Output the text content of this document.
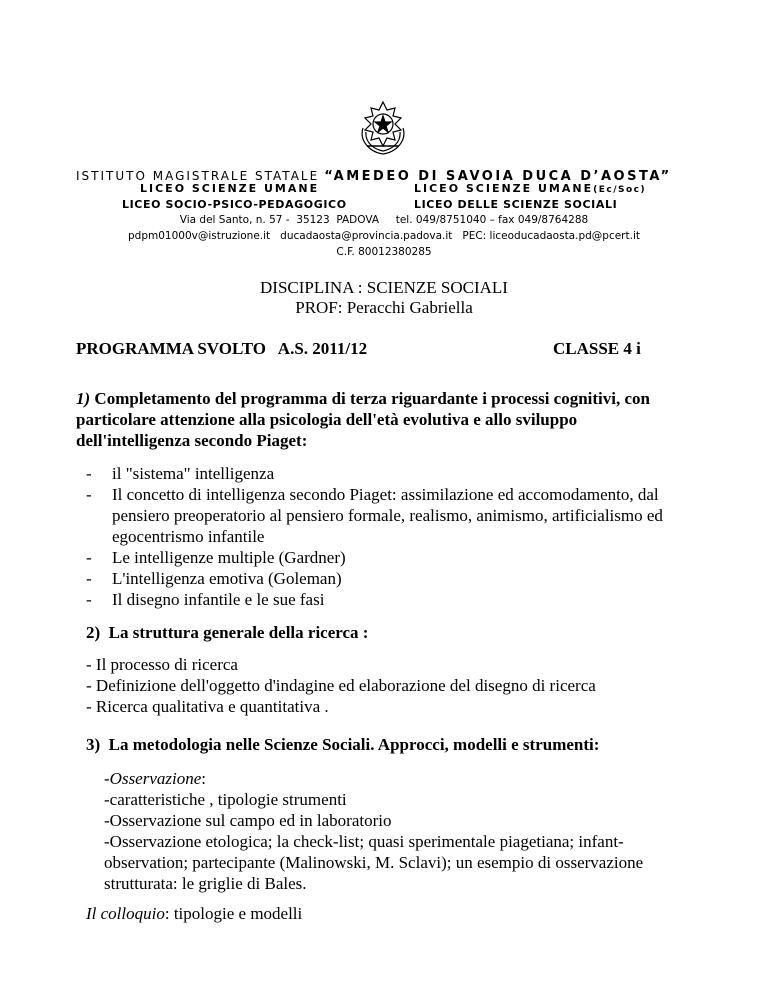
ISTITUTO MAGISTRALE STATALE “AMEDEO DI SAVOIA DUCA D’AOSTA”
LICEO SCIENZE UMANE
LICEO SOCIO-PSICO-PEDAGOGICO
LICEO SCIENZE UMANE(Ec/Soc)
LICEO DELLE SCIENZE SOCIALI
Via del Santo, n. 57 -  35123  PADOVA     tel. 049/8751040 – fax 049/8764288
pdpm01000v@istruzione.it   ducadaosta@provincia.padova.it   PEC: liceoducadaosta.pd@pcert.it
C.F. 80012380285
DISCIPLINA : SCIENZE SOCIALI
PROF: Peracchi Gabriella
PROGRAMMA SVOLTO   A.S. 2011/12	CLASSE 4 i
1) Completamento del programma di terza riguardante i processi cognitivi, con
particolare attenzione alla psicologia dell'età evolutiva e allo sviluppo
dell'intelligenza secondo Piaget:
- il "sistema" intelligenza
- Il concetto di intelligenza secondo Piaget: assimilazione ed accomodamento, dal pensiero preoperatorio al pensiero formale, realismo, animismo, artificialismo ed egocentrismo infantile
- Le intelligenze multiple (Gardner)
- L'intelligenza emotiva (Goleman)
- Il disegno infantile e le sue fasi
2)  La struttura generale della ricerca :
- Il processo di ricerca
- Definizione dell'oggetto d'indagine ed elaborazione del disegno di ricerca
- Ricerca qualitativa e quantitativa .
3)  La metodologia nelle Scienze Sociali. Approcci, modelli e strumenti:
-Osservazione:
-caratteristiche , tipologie strumenti
-Osservazione sul campo ed in laboratorio
-Osservazione etologica; la check-list; quasi sperimentale piagetiana; infant-observation; partecipante (Malinowski, M. Sclavi); un esempio di osservazione strutturata: le griglie di Bales.
Il colloquio: tipologie e modelli
